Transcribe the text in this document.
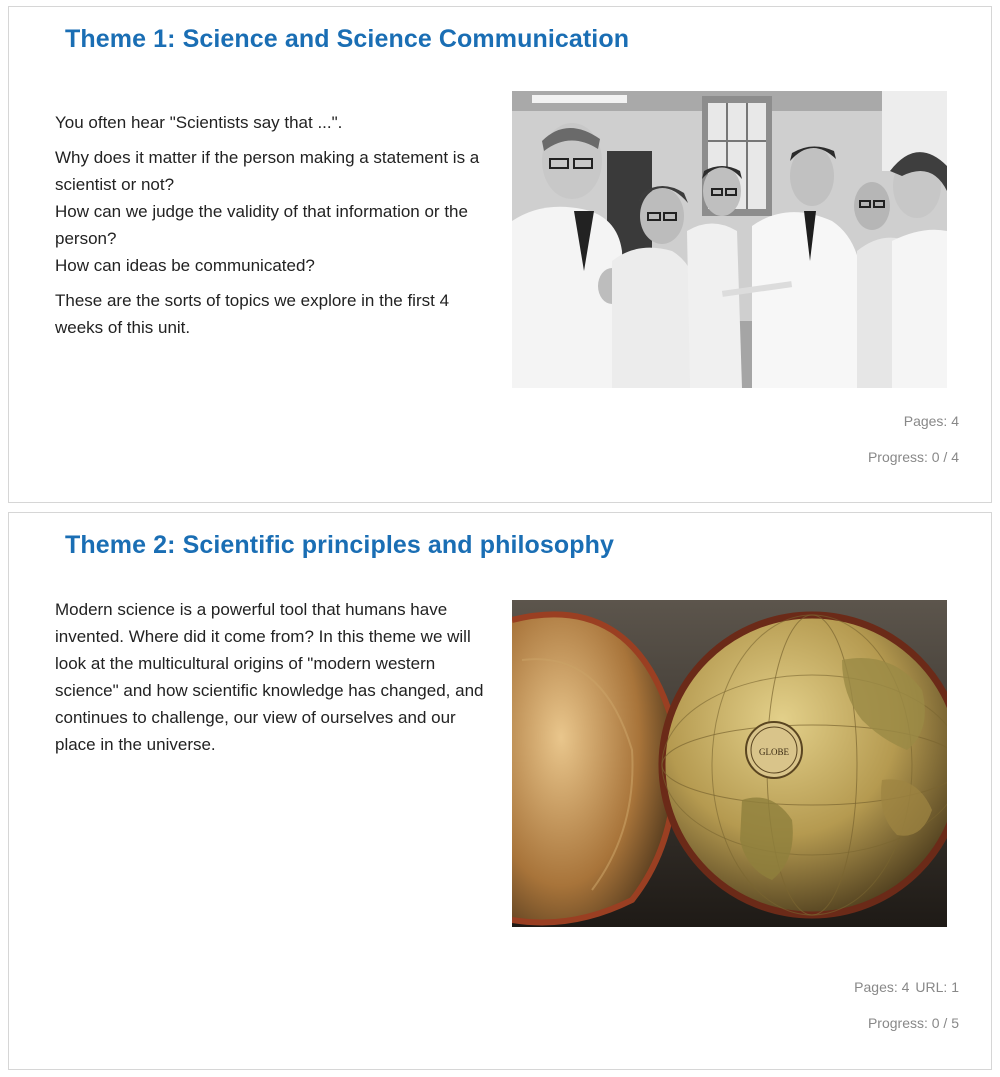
Theme 1: Science and Science Communication

You often hear "Scientists say that ...".

Why does it matter if the person making a statement is a scientist or not?
How can we judge the validity of that information or the person?
How can ideas be communicated?

These are the sorts of topics we explore in the first 4 weeks of this unit.

Pages: 4
Progress: 0 / 4
Theme 2: Scientific principles and philosophy

Modern science is a powerful tool that humans have invented. Where did it come from? In this theme we will look at the multicultural origins of "modern western science" and how scientific knowledge has changed, and continues to challenge, our view of ourselves and our place in the universe.	GLOBE
Pages: 4 URL: 1
Progress: 0 / 5
